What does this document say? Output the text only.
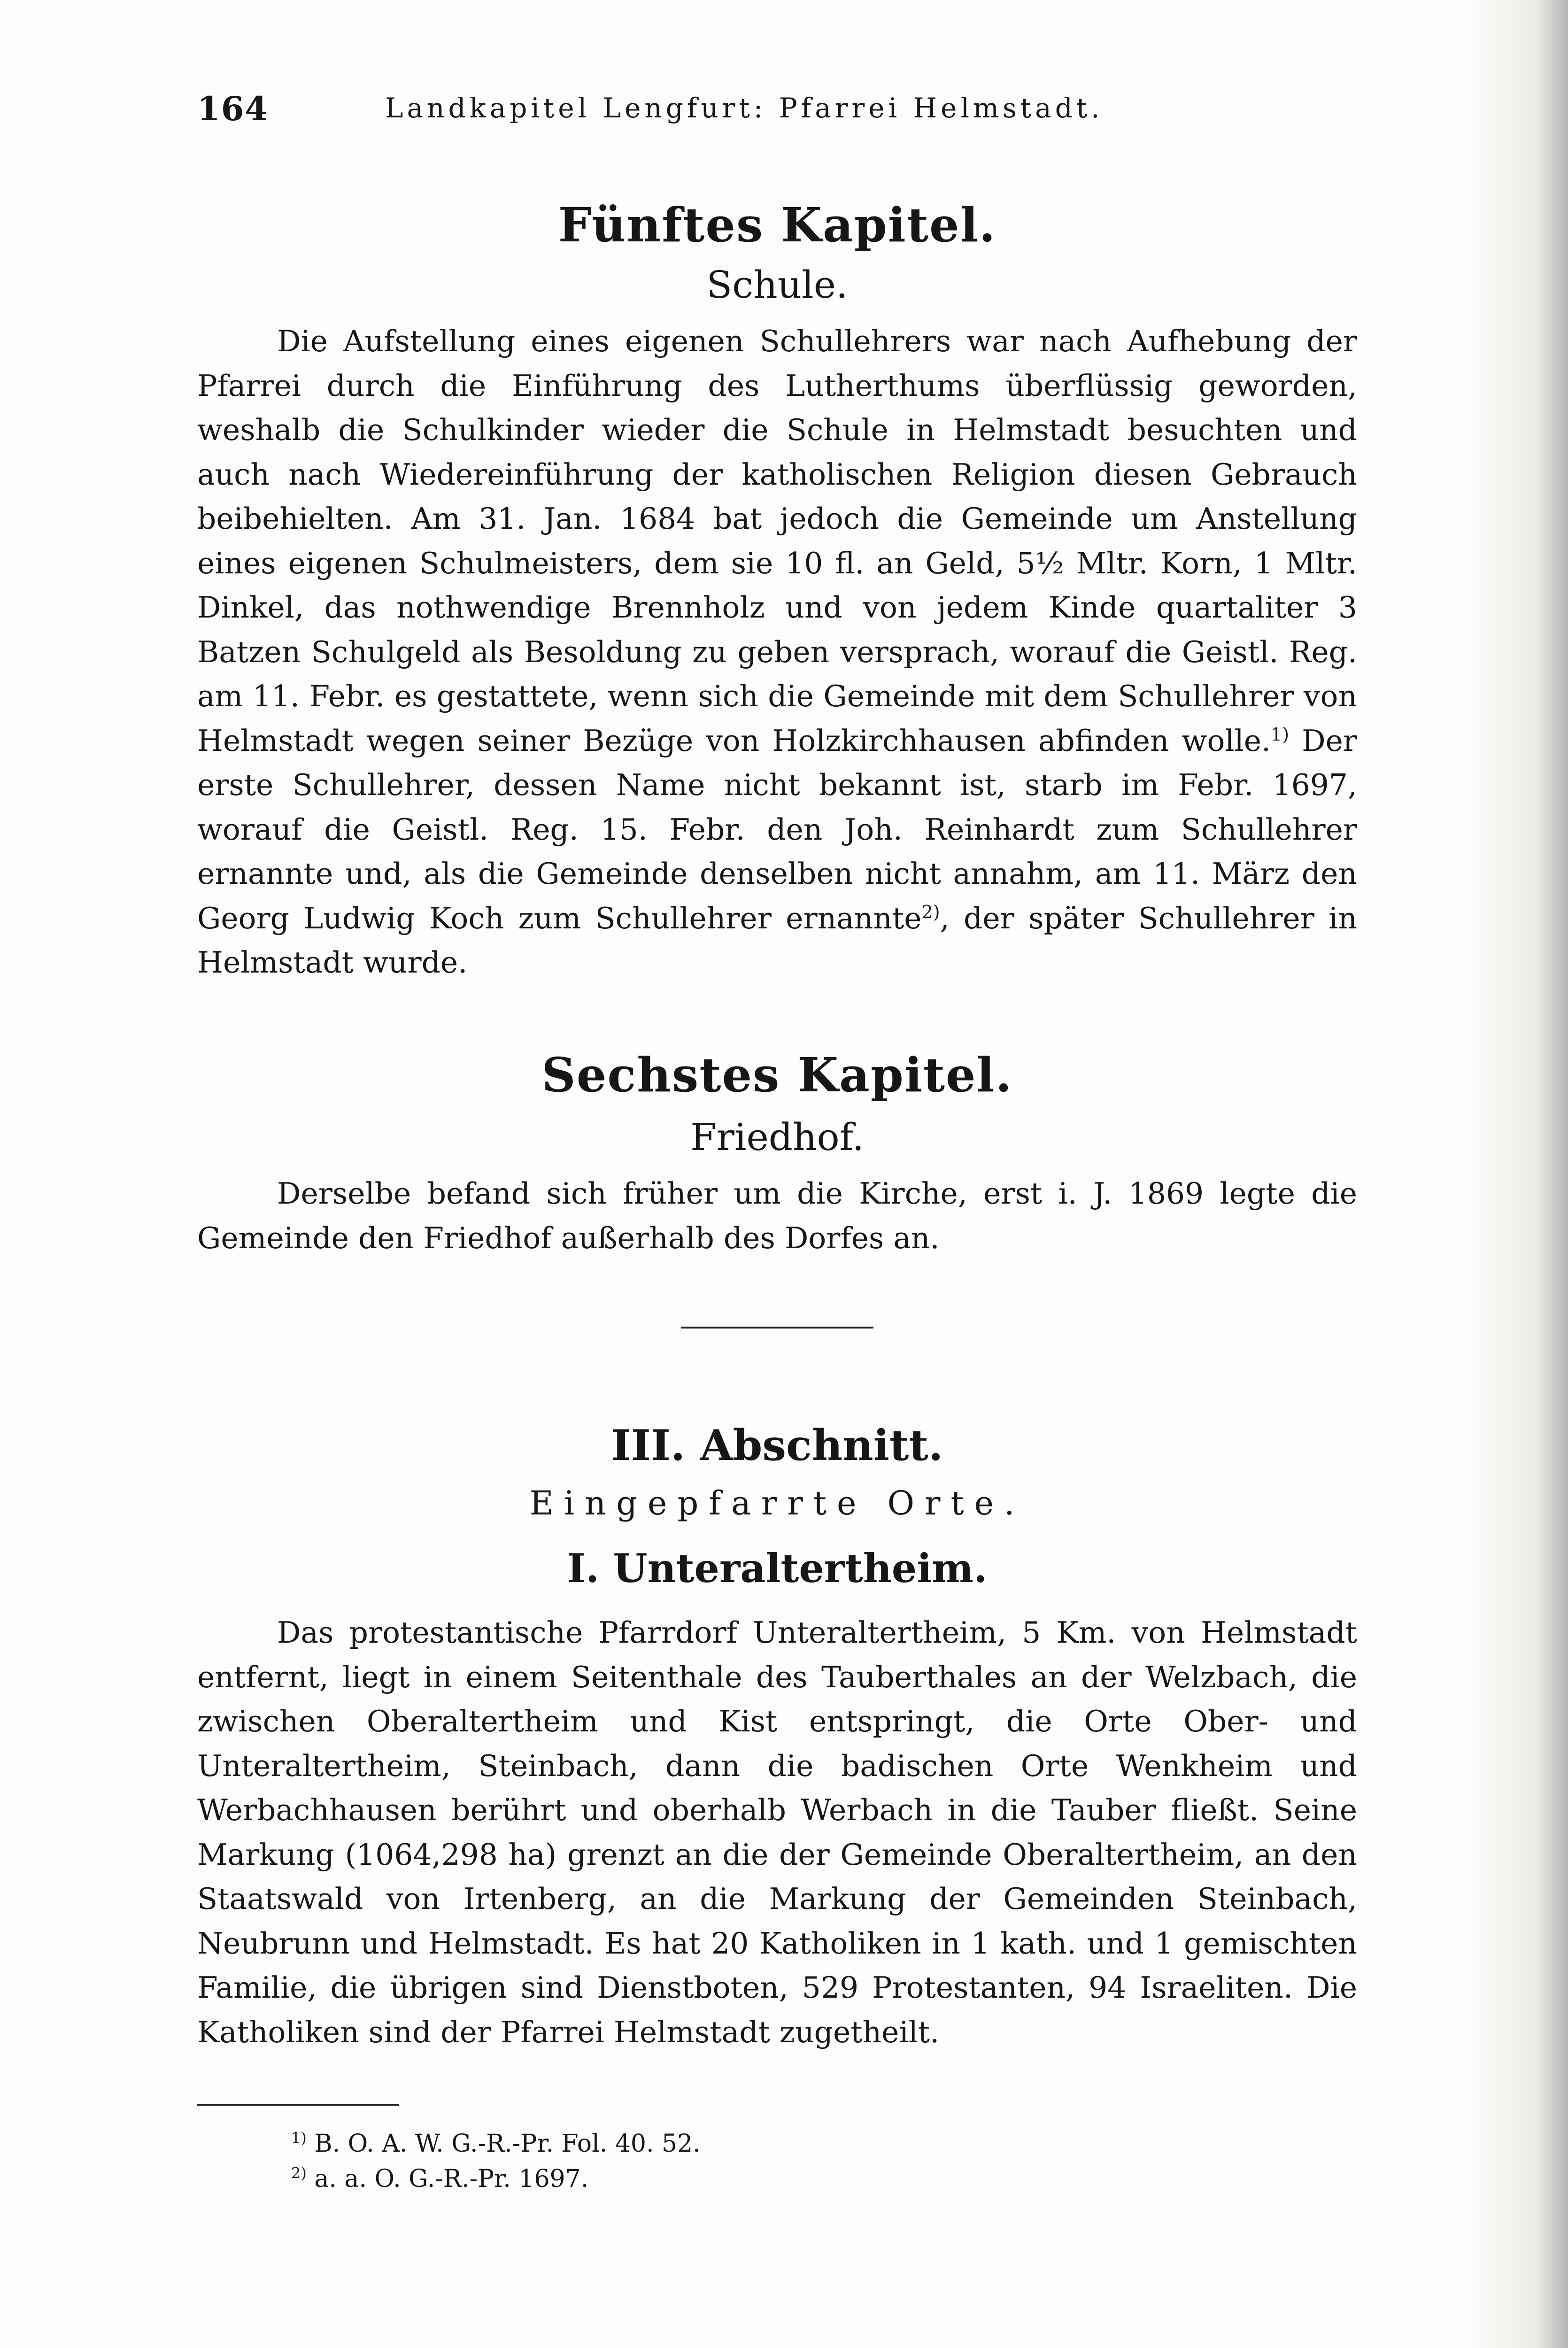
164	Landkapitel Lengfurt: Pfarrei Helmstadt.
Fünftes Kapitel.
Schule.

Die Aufstellung eines eigenen Schullehrers war nach Aufhebung der Pfarrei durch die Einführung des Lutherthums überflüssig geworden, weshalb die Schulkinder wieder die Schule in Helmstadt besuchten und auch nach Wiedereinführung der katholischen Religion diesen Gebrauch beibehielten. Am 31. Jan. 1684 bat jedoch die Gemeinde um Anstellung eines eigenen Schulmeisters, dem sie 10 fl. an Geld, 5½ Mltr. Korn, 1 Mltr. Dinkel, das nothwendige Brennholz und von jedem Kinde quartaliter 3 Batzen Schulgeld als Besoldung zu geben versprach, worauf die Geistl. Reg. am 11. Febr. es gestattete, wenn sich die Gemeinde mit dem Schullehrer von Helmstadt wegen seiner Bezüge von Holzkirchhausen abfinden wolle.$^{1)}$ Der erste Schullehrer, dessen Name nicht bekannt ist, starb im Febr. 1697, worauf die Geistl. Reg. 15. Febr. den Joh. Reinhardt zum Schullehrer ernannte und, als die Gemeinde denselben nicht annahm, am 11. März den Georg Ludwig Koch zum Schullehrer ernannte$^{2)}$, der später Schullehrer in Helmstadt wurde.

Sechstes Kapitel.
Friedhof.

Derselbe befand sich früher um die Kirche, erst i. J. 1869 legte die Gemeinde den Friedhof außerhalb des Dorfes an.

III. Abschnitt.
Eingepfarrte Orte.
I. Unteraltertheim.

Das protestantische Pfarrdorf Unteraltertheim, 5 Km. von Helmstadt entfernt, liegt in einem Seitenthale des Tauberthales an der Welzbach, die zwischen Oberaltertheim und Kist entspringt, die Orte Ober- und Unteraltertheim, Steinbach, dann die badischen Orte Wenkheim und Werbachhausen berührt und oberhalb Werbach in die Tauber fließt. Seine Markung (1064,298 ha) grenzt an die der Gemeinde Oberaltertheim, an den Staatswald von Irtenberg, an die Markung der Gemeinden Steinbach, Neubrunn und Helmstadt. Es hat 20 Katholiken in 1 kath. und 1 gemischten Familie, die übrigen sind Dienstboten, 529 Protestanten, 94 Israeliten. Die Katholiken sind der Pfarrei Helmstadt zugetheilt.

$^{1)}$ B. O. A. W. G.-R.-Pr. Fol. 40. 52.
$^{2)}$ a. a. O. G.-R.-Pr. 1697.
